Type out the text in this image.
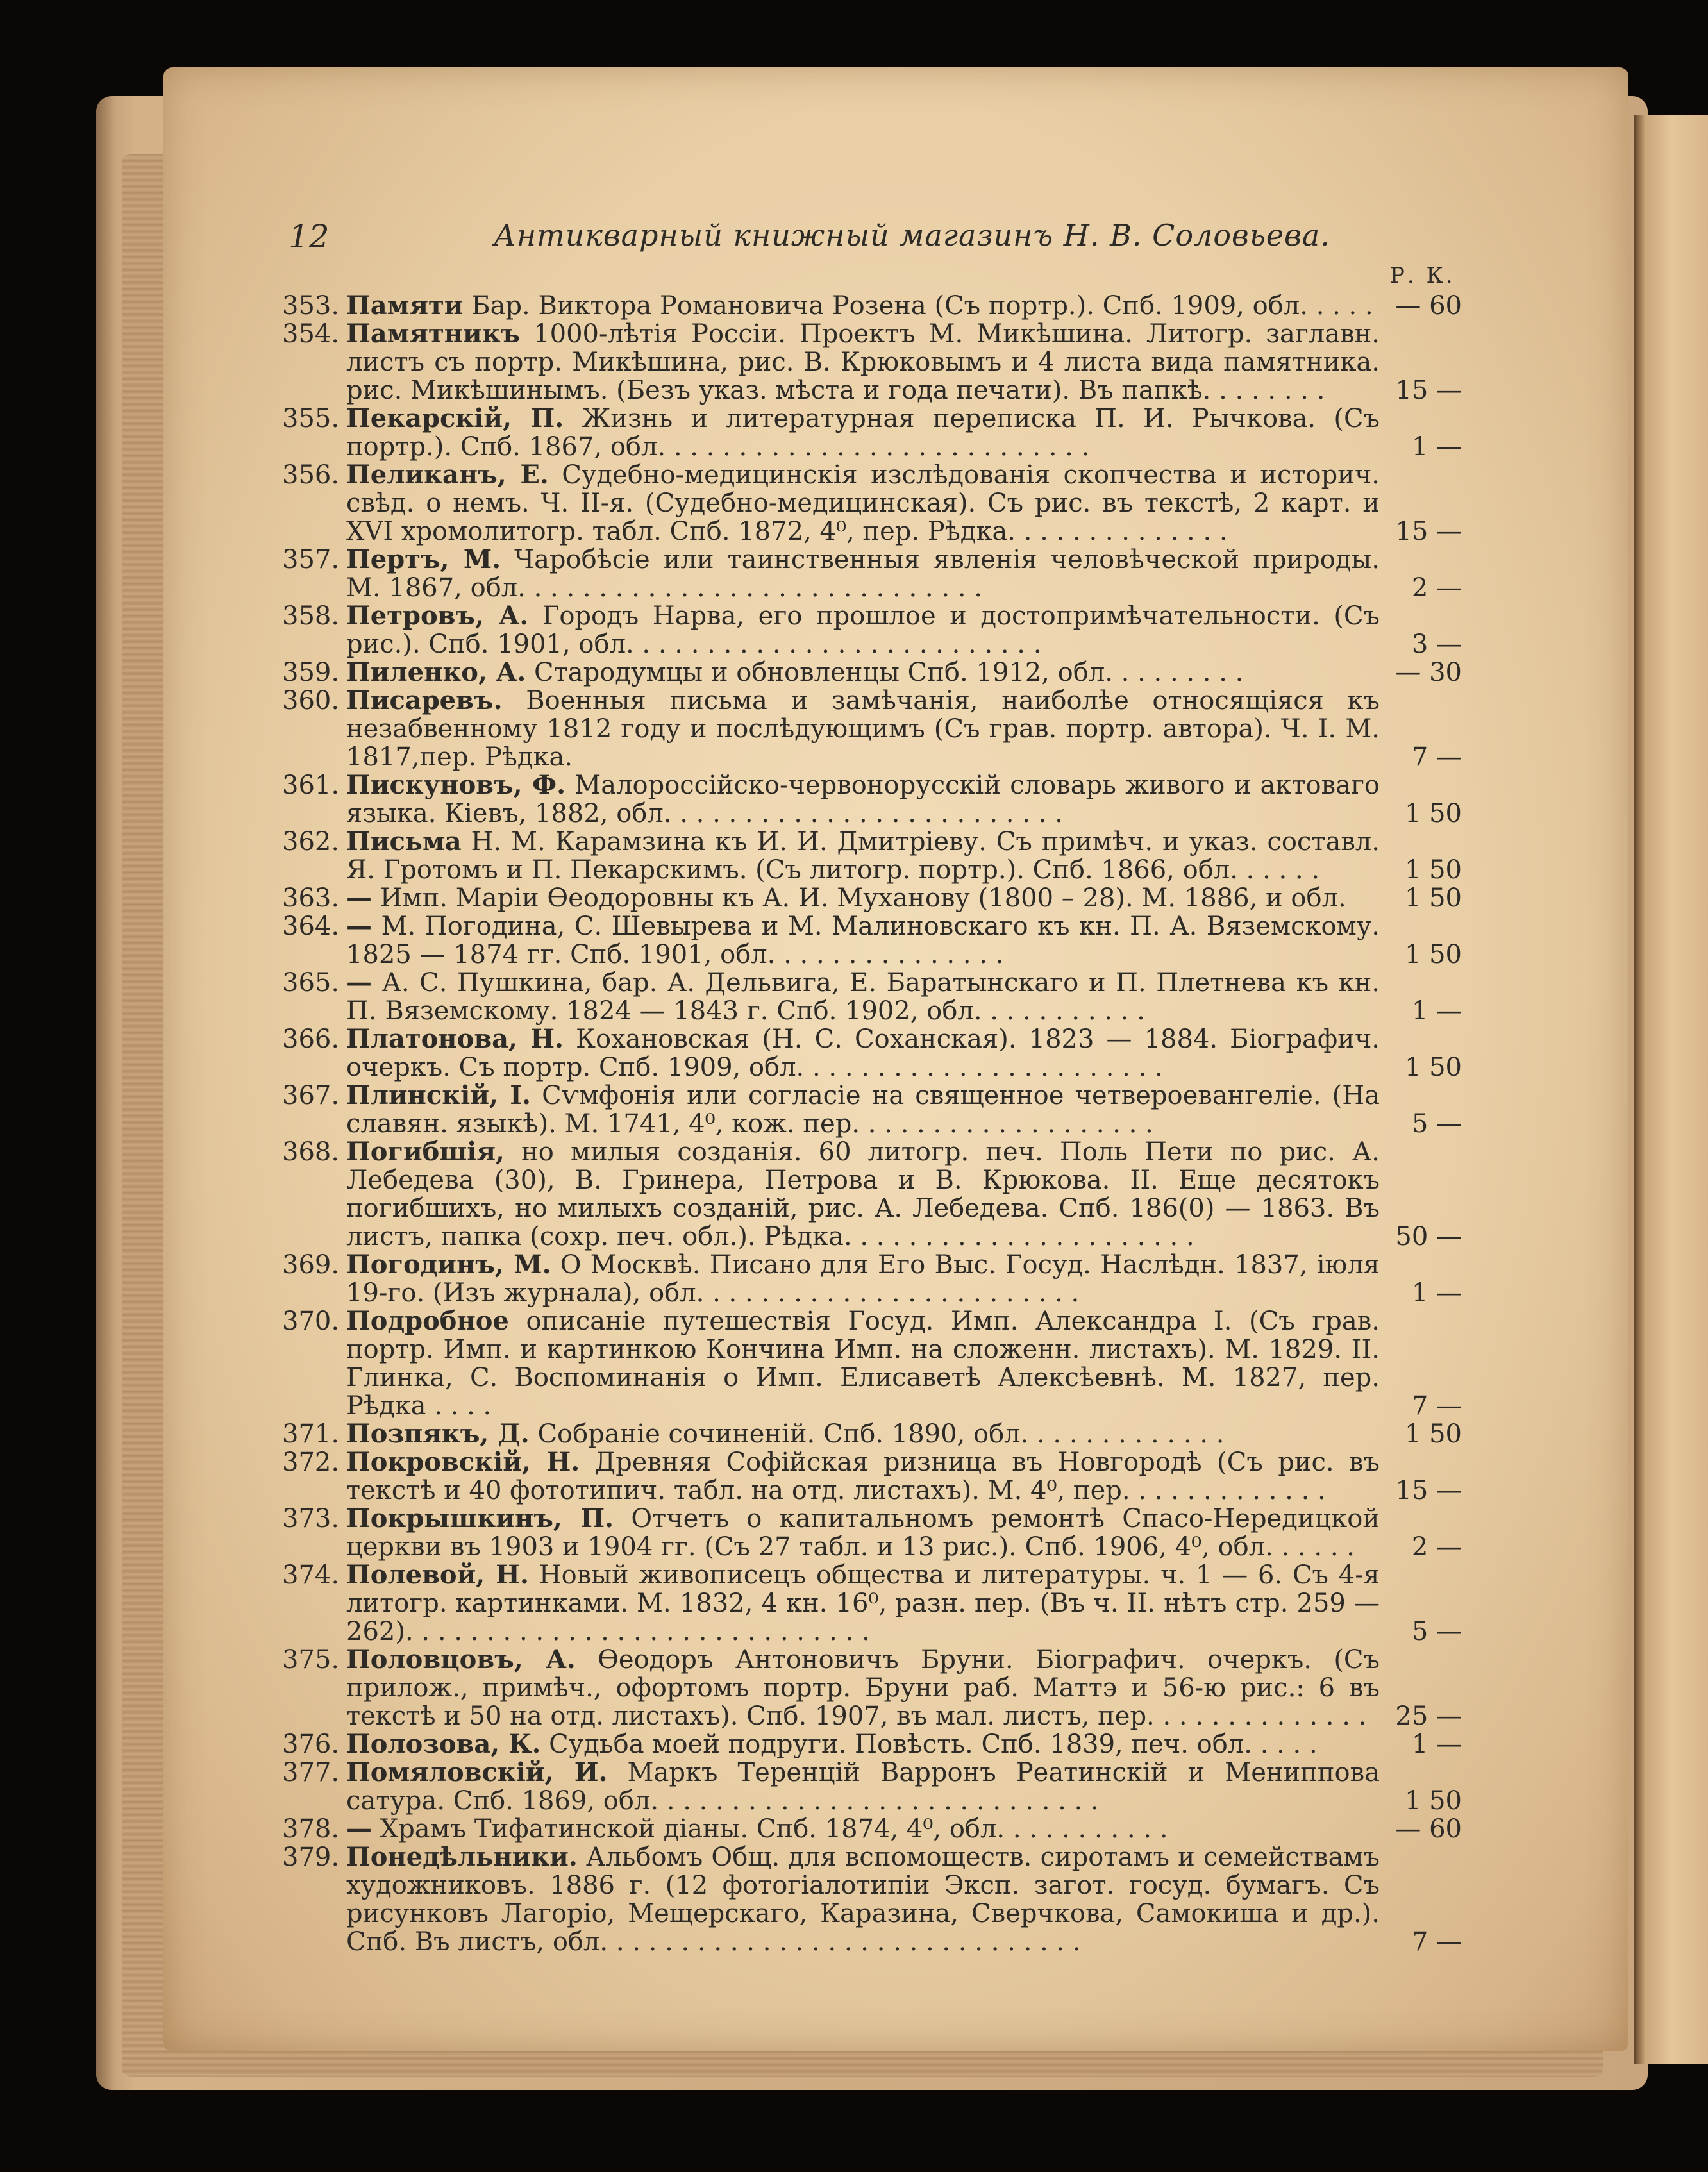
12	Антикварный книжный магазинъ Н. В. Соловьева.
Р. К.
353. Памяти Бар. Виктора Романовича Розена (Съ портр.). Спб. 1909, обл. . . . . — 60
354. Памятникъ 1000-лѣтія Россіи. Проектъ М. Микѣшина. Литогр. заглавн. листъ съ портр. Микѣшина, рис. В. Крюковымъ и 4 листа вида памятника. рис. Микѣшинымъ. (Безъ указ. мѣста и года печати). Въ папкѣ. . . . . . . .	15 —
355. Пекарскій, П. Жизнь и литературная переписка П. И. Рычкова. (Съ портр.). Спб. 1867, обл. . . . . . . . . . . . . . . . . . . . . . . . . . .	1 —
356. Пеликанъ, Е. Судебно-медицинскія изслѣдованія скопчества и историч. свѣд. о немъ. Ч. II-я. (Судебно-медицинская). Съ рис. въ текстѣ, 2 карт. и XVI хромолитогр. табл. Спб. 1872, 4⁰, пер. Рѣдка. . . . . . . . . . . . . .	15 —
357. Пертъ, М. Чаробѣсіе или таинственныя явленія человѣческой природы. М. 1867, обл. . . . . . . . . . . . . . . . . . . . . . . . . . . . .	2 —
358. Петровъ, А. Городъ Нарва, его прошлое и достопримѣчательности. (Съ рис.). Спб. 1901, обл. . . . . . . . . . . . . . . . . . . . . . . . . .	3 —
359. Пиленко, А. Стародумцы и обновленцы Спб. 1912, обл. . . . . . . . .	— 30
360. Писаревъ. Военныя письма и замѣчанія, наиболѣе относящіяся къ незабвенному 1812 году и послѣдующимъ (Съ грав. портр. автора). Ч. I. М. 1817,пер. Рѣдка.	7 —
361. Пискуновъ, Ф. Малороссійско-червонорусскій словарь живого и актоваго языка. Кіевъ, 1882, обл. . . . . . . . . . . . . . . . . . . . . . . . .	1 50
362. Письма Н. М. Карамзина къ И. И. Дмитріеву. Съ примѣч. и указ. составл. Я. Гротомъ и П. Пекарскимъ. (Съ литогр. портр.). Спб. 1866, обл. . . . . .	1 50
363. — Имп. Маріи Ѳеодоровны къ А. И. Муханову (1800 – 28). М. 1886, и обл.	1 50
364. — М. Погодина, С. Шевырева и М. Малиновскаго къ кн. П. А. Вяземскому. 1825 — 1874 гг. Спб. 1901, обл. . . . . . . . . . . . . . .	1 50
365. — А. С. Пушкина, бар. А. Дельвига, Е. Баратынскаго и П. Плетнева къ кн. П. Вяземскому. 1824 — 1843 г. Спб. 1902, обл. . . . . . . . . . .	1 —
366. Платонова, Н. Кохановская (Н. С. Соханская). 1823 — 1884. Біографич. очеркъ. Съ портр. Спб. 1909, обл. . . . . . . . . . . . . . . . . . . . . . .	1 50
367. Плинскій, I. Сѵмфонія или согласіе на священное четвероевангеліе. (На славян. языкѣ). М. 1741, 4⁰, кож. пер. . . . . . . . . . . . . . . . . . .	5 —
368. Погибшія, но милыя созданія. 60 литогр. печ. Поль Пети по рис. А. Лебедева (30), В. Гринера, Петрова и В. Крюкова. II. Еще десятокъ погибшихъ, но милыхъ созданій, рис. А. Лебедева. Спб. 186(0) — 1863. Въ листъ, папка (сохр. печ. обл.). Рѣдка. . . . . . . . . . . . . . . . . . . . . .	50 —
369. Погодинъ, М. О Москвѣ. Писано для Его Выс. Госуд. Наслѣдн. 1837, іюля 19-го. (Изъ журнала), обл. . . . . . . . . . . . . . . . . . . . . . . .	1 —
370. Подробное описаніе путешествія Госуд. Имп. Александра I. (Съ грав. портр. Имп. и картинкою Кончина Имп. на сложенн. листахъ). М. 1829. II. Глинка, С. Воспоминанія о Имп. Елисаветѣ Алексѣевнѣ. М. 1827, пер. Рѣдка . . . .	7 —
371. Позпякъ, Д. Собраніе сочиненій. Спб. 1890, обл. . . . . . . . . . . . .	1 50
372. Покровскій, Н. Древняя Софійская ризница въ Новгородѣ (Съ рис. въ текстѣ и 40 фототипич. табл. на отд. листахъ). М. 4⁰, пер. . . . . . . . . . . . .	15 —
373. Покрышкинъ, П. Отчетъ о капитальномъ ремонтѣ Спасо-Нередицкой церкви въ 1903 и 1904 гг. (Съ 27 табл. и 13 рис.). Спб. 1906, 4⁰, обл. . . . . .	2 —
374. Полевой, Н. Новый живописецъ общества и литературы. ч. 1 — 6. Съ 4-я литогр. картинками. М. 1832, 4 кн. 16⁰, разн. пер. (Въ ч. II. нѣтъ стр. 259 — 262). . . . . . . . . . . . . . . . . . . . . . . . . . . . .	5 —
375. Половцовъ, А. Ѳеодоръ Антоновичъ Бруни. Біографич. очеркъ. (Съ прилож., примѣч., офортомъ портр. Бруни раб. Маттэ и 56-ю рис.: 6 въ текстѣ и 50 на отд. листахъ). Спб. 1907, въ мал. листъ, пер. . . . . . . . . . . . . .	25 —
376. Полозова, К. Судьба моей подруги. Повѣсть. Спб. 1839, печ. обл. . . . .	1 —
377. Помяловскій, И. Маркъ Теренцій Варронъ Реатинскій и Мениппова сатура. Спб. 1869, обл. . . . . . . . . . . . . . . . . . . . . . . . . . . .	1 50
378. — Храмъ Тифатинской діаны. Спб. 1874, 4⁰, обл. . . . . . . . . . .	— 60
379. Понедѣльники. Альбомъ Общ. для вспомоществ. сиротамъ и семействамъ художниковъ. 1886 г. (12 фотогіалотипіи Эксп. загот. госуд. бумагъ. Съ рисунковъ Лагоріо, Мещерскаго, Каразина, Сверчкова, Самокиша и др.). Спб. Въ листъ, обл. . . . . . . . . . . . . . . . . . . . . . . . . . . . . .	7 —
